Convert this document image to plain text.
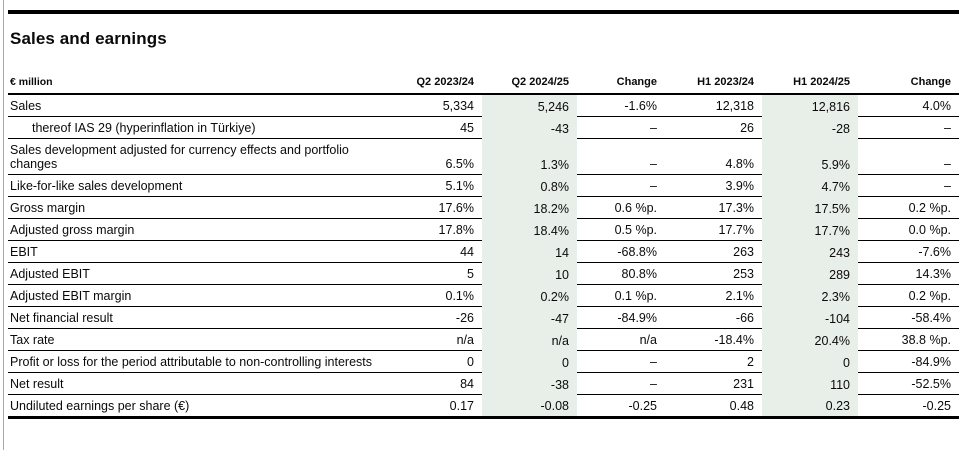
Sales and earnings
€ million	Q2 2023/24	Q2 2024/25	Change	H1 2023/24	H1 2024/25	Change
Sales	5,334	5,246	-1.6%	12,318	12,816	4.0%
thereof IAS 29 (hyperinflation in Türkiye)	45	-43	–	26	-28	–
Sales development adjusted for currency effects and portfolio changes	6.5%	1.3%	–	4.8%	5.9%	–
Like-for-like sales development	5.1%	0.8%	–	3.9%	4.7%	–
Gross margin	17.6%	18.2%	0.6 %p.	17.3%	17.5%	0.2 %p.
Adjusted gross margin	17.8%	18.4%	0.5 %p.	17.7%	17.7%	0.0 %p.
EBIT	44	14	-68.8%	263	243	-7.6%
Adjusted EBIT	5	10	80.8%	253	289	14.3%
Adjusted EBIT margin	0.1%	0.2%	0.1 %p.	2.1%	2.3%	0.2 %p.
Net financial result	-26	-47	-84.9%	-66	-104	-58.4%
Tax rate	n/a	n/a	n/a	-18.4%	20.4%	38.8 %p.
Profit or loss for the period attributable to non-controlling interests	0	0	–	2	0	-84.9%
Net result	84	-38	–	231	110	-52.5%
Undiluted earnings per share (€)	0.17	-0.08	-0.25	0.48	0.23	-0.25
